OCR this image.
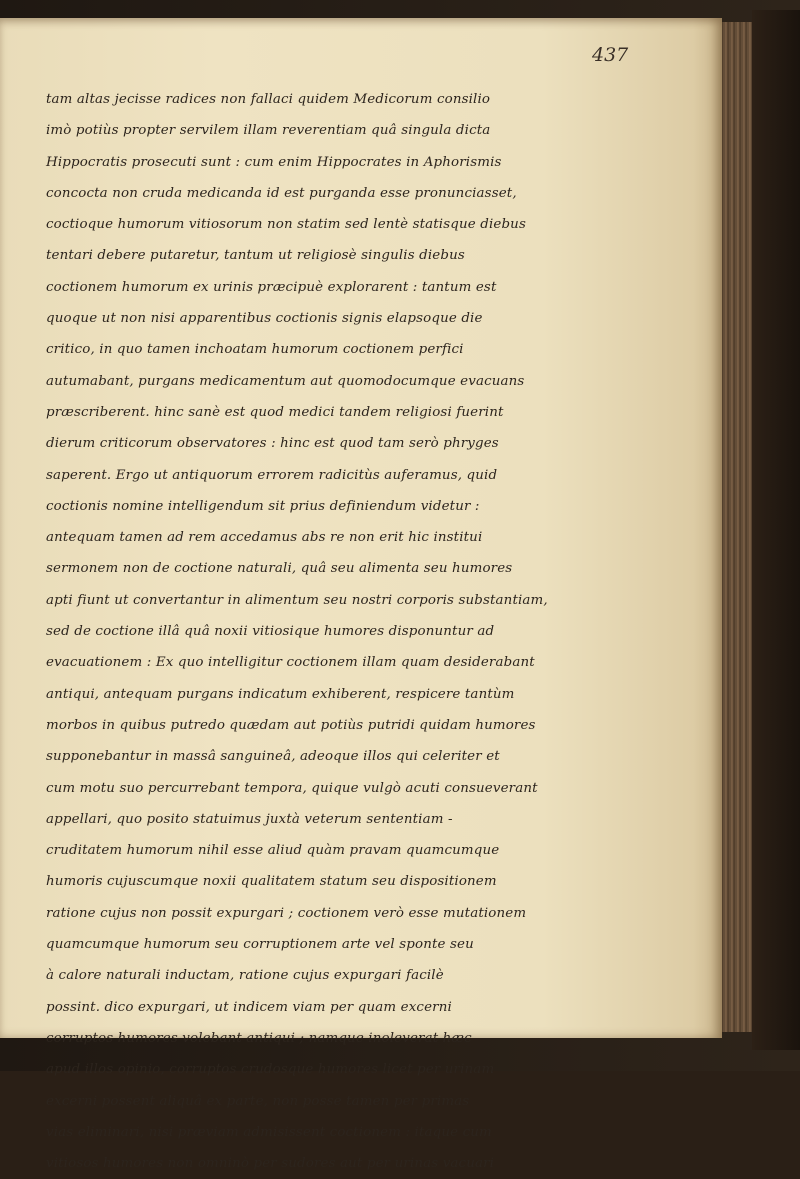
437
tam altas jecisse radices non fallaci quidem Medicorum consilio
imò potiùs propter servilem illam reverentiam quâ singula dicta
Hippocratis prosecuti sunt : cum enim Hippocrates in Aphorismis
concocta non cruda medicanda id est purganda esse pronunciasset,
coctioque humorum vitiosorum non statim sed lentè statisque diebus
tentari debere putaretur, tantum ut religiosè singulis diebus
coctionem humorum ex urinis præcipuè explorarent : tantum est
quoque ut non nisi apparentibus coctionis signis elapsoque die
critico, in quo tamen inchoatam humorum coctionem perfici
autumabant, purgans medicamentum aut quomodocumque evacuans
præscriberent. hinc sanè est quod medici tandem religiosi fuerint
dierum criticorum observatores : hinc est quod tam serò phryges
saperent. Ergo ut antiquorum errorem radicitùs auferamus, quid
coctionis nomine intelligendum sit prius definiendum videtur :
antequam tamen ad rem accedamus abs re non erit hic institui
sermonem non de coctione naturali, quâ seu alimenta seu humores
apti fiunt ut convertantur in alimentum seu nostri corporis substantiam,
sed de coctione illâ quâ noxii vitiosique humores disponuntur ad
evacuationem : Ex quo intelligitur coctionem illam quam desiderabant
antiqui, antequam purgans indicatum exhiberent, respicere tantùm
morbos in quibus putredo quædam aut potiùs putridi quidam humores
supponebantur in massâ sanguineâ, adeoque illos qui celeriter et
cum motu suo percurrebant tempora, quique vulgò acuti consueverant
appellari, quo posito statuimus juxtà veterum sententiam -
cruditatem humorum nihil esse aliud quàm pravam quamcumque
humoris cujuscumque noxii qualitatem statum seu dispositionem
ratione cujus non possit expurgari ; coctionem verò esse mutationem
quamcumque humorum seu corruptionem arte vel sponte seu
à calore naturali inductam, ratione cujus expurgari facilè
possint. dico expurgari, ut indicem viam per quam excerni
corruptos humores volebant antiqui ; namque inoleverat hæc
apud illos opinio, corruptos crudosque humores licet per urinam
excerni possent aliquâ ex parte, non posse tamen per primas
vias eliminari, nisi præviam admisissent coctionem : itaque cum
vitiosos humores non omninò per sudores aut per urinas vacuari
